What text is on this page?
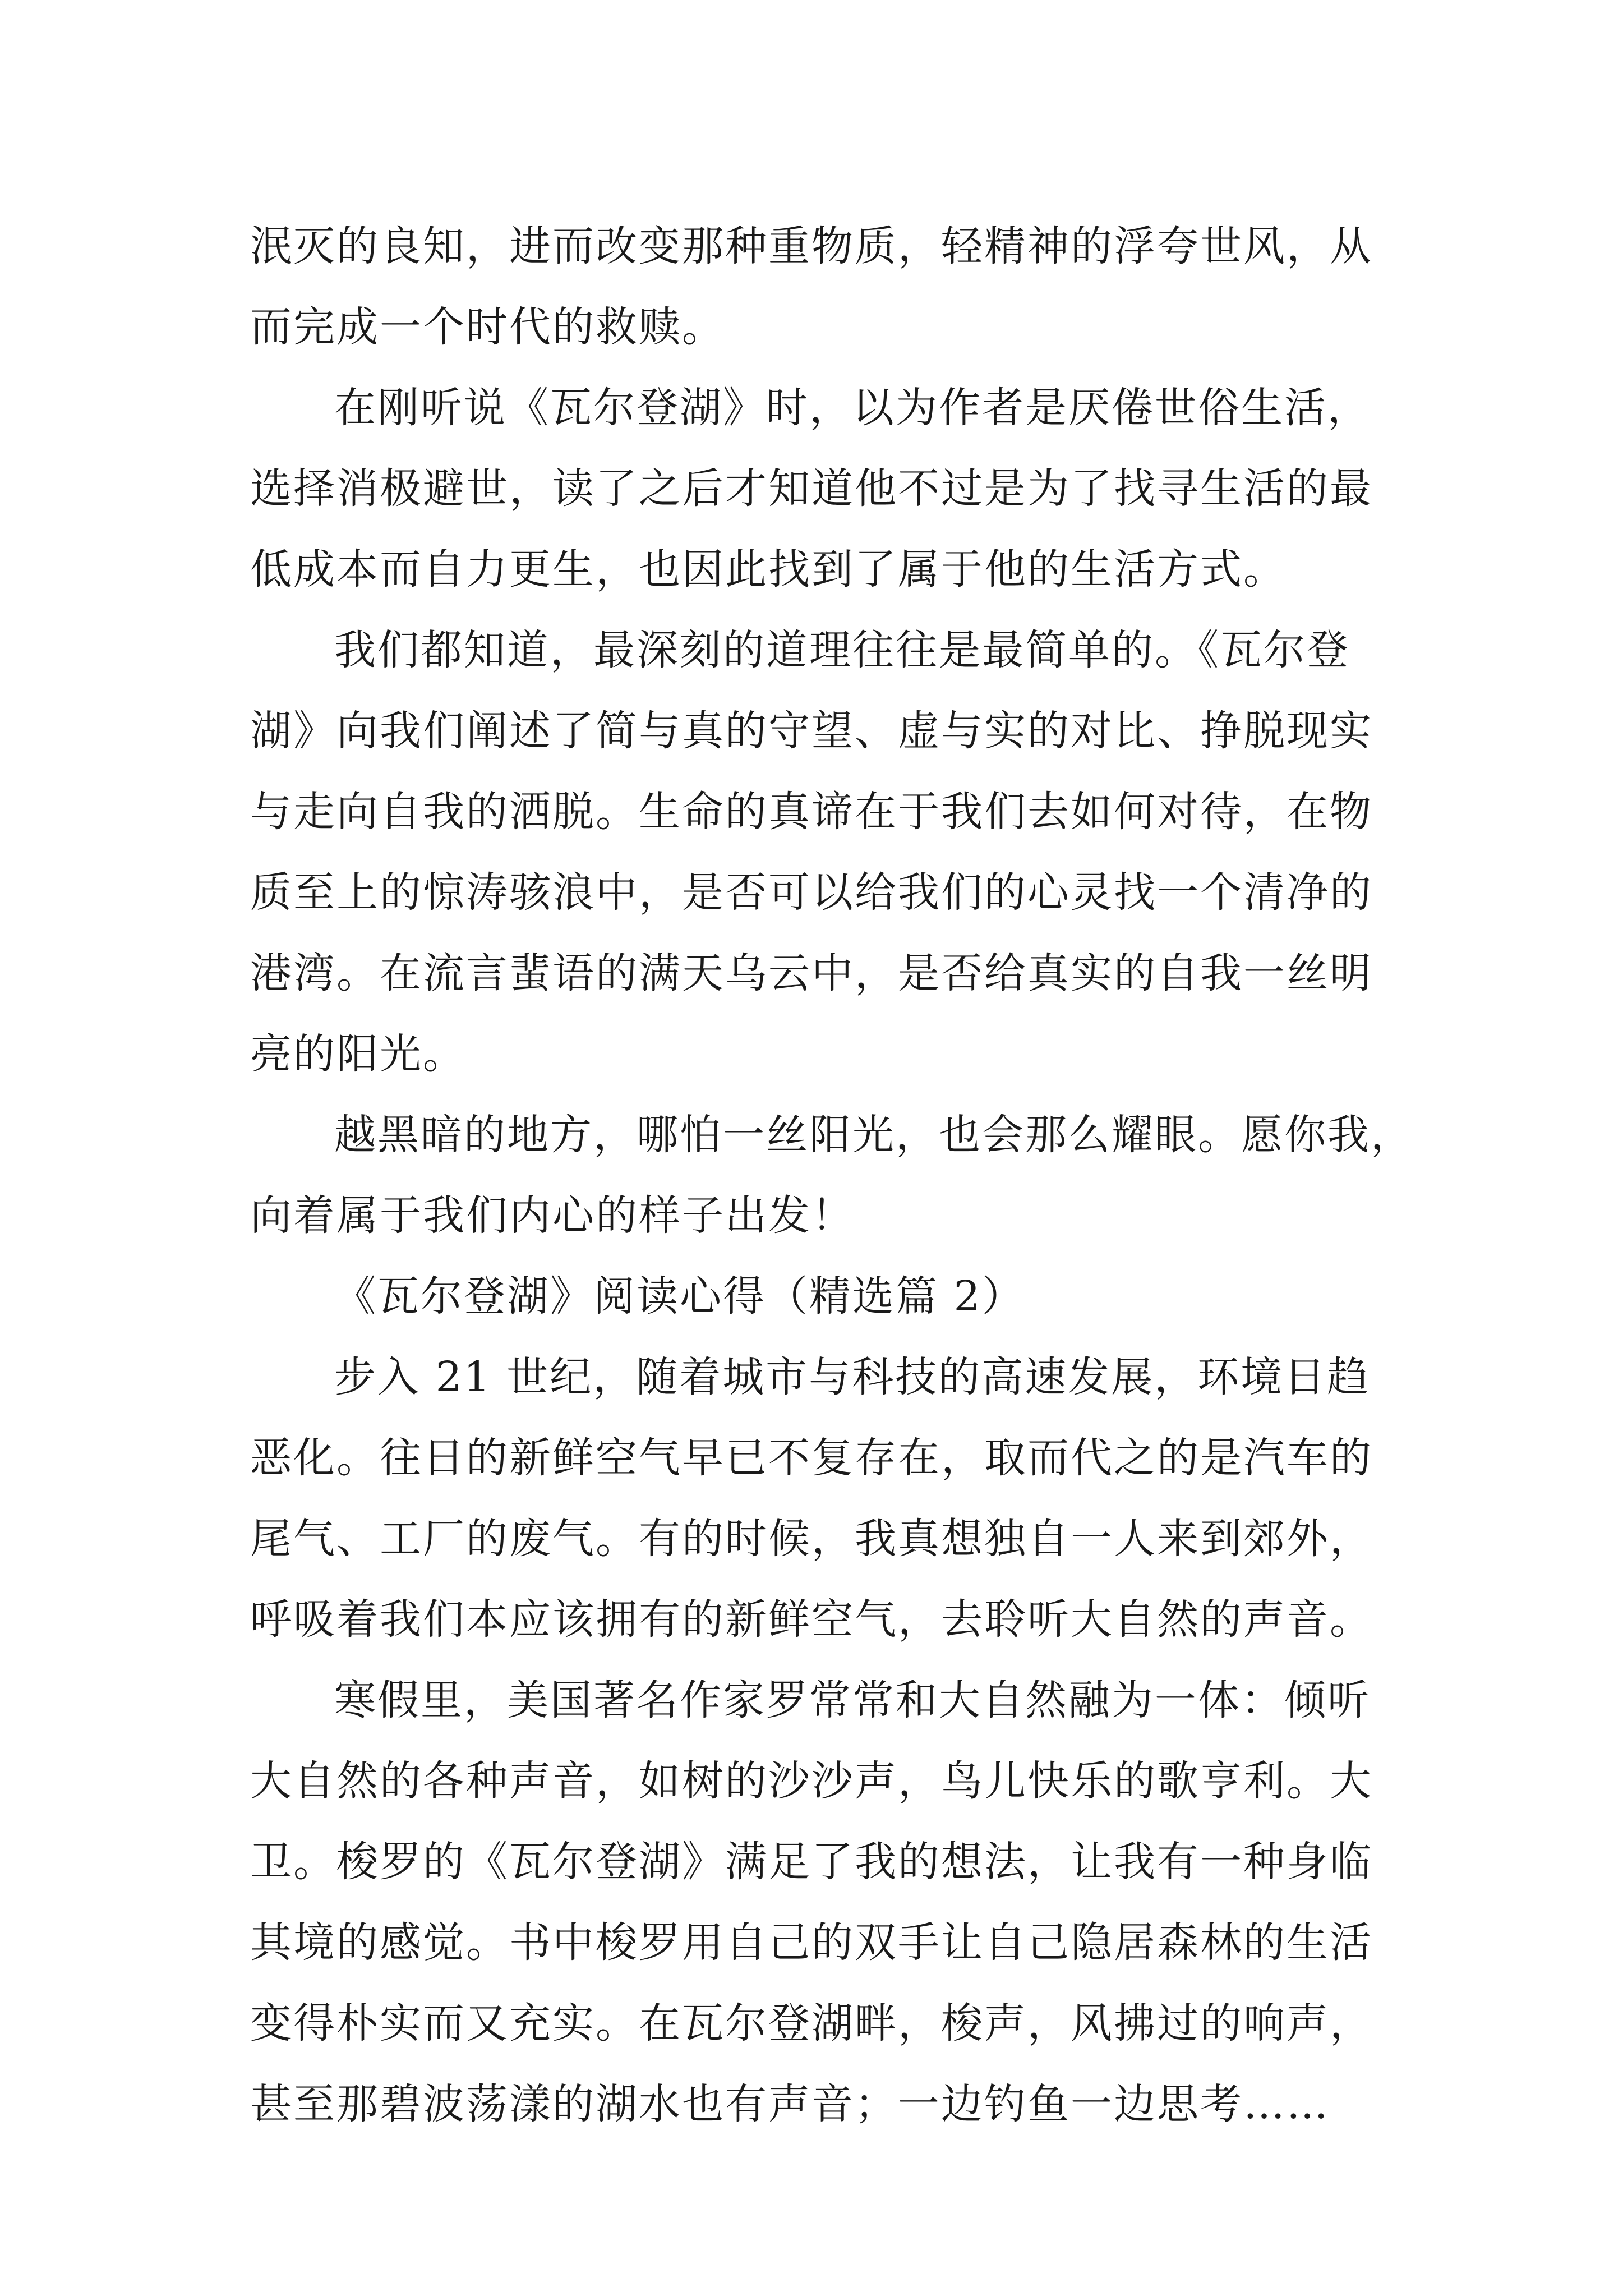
泯灭的良知，进而改变那种重物质，轻精神的浮夸世风，从
而完成一个时代的救赎。
在刚听说《瓦尔登湖》时，以为作者是厌倦世俗生活，
选择消极避世，读了之后才知道他不过是为了找寻生活的最
低成本而自力更生，也因此找到了属于他的生活方式。
我们都知道，最深刻的道理往往是最简单的。《瓦尔登
湖》向我们阐述了简与真的守望、虚与实的对比、挣脱现实
与走向自我的洒脱。生命的真谛在于我们去如何对待，在物
质至上的惊涛骇浪中，是否可以给我们的心灵找一个清净的
港湾。在流言蜚语的满天乌云中，是否给真实的自我一丝明
亮的阳光。
越黑暗的地方，哪怕一丝阳光，也会那么耀眼。愿你我，
向着属于我们内心的样子出发！
《瓦尔登湖》阅读心得（精选篇 2）
步入 21 世纪，随着城市与科技的高速发展，环境日趋
恶化。往日的新鲜空气早已不复存在，取而代之的是汽车的
尾气、工厂的废气。有的时候，我真想独自一人来到郊外，
呼吸着我们本应该拥有的新鲜空气，去聆听大自然的声音。
寒假里，美国著名作家罗常常和大自然融为一体：倾听
大自然的各种声音，如树的沙沙声，鸟儿快乐的歌亨利。大
卫。梭罗的《瓦尔登湖》满足了我的想法，让我有一种身临
其境的感觉。书中梭罗用自己的双手让自己隐居森林的生活
变得朴实而又充实。在瓦尔登湖畔，梭声，风拂过的响声，
甚至那碧波荡漾的湖水也有声音；一边钓鱼一边思考……
